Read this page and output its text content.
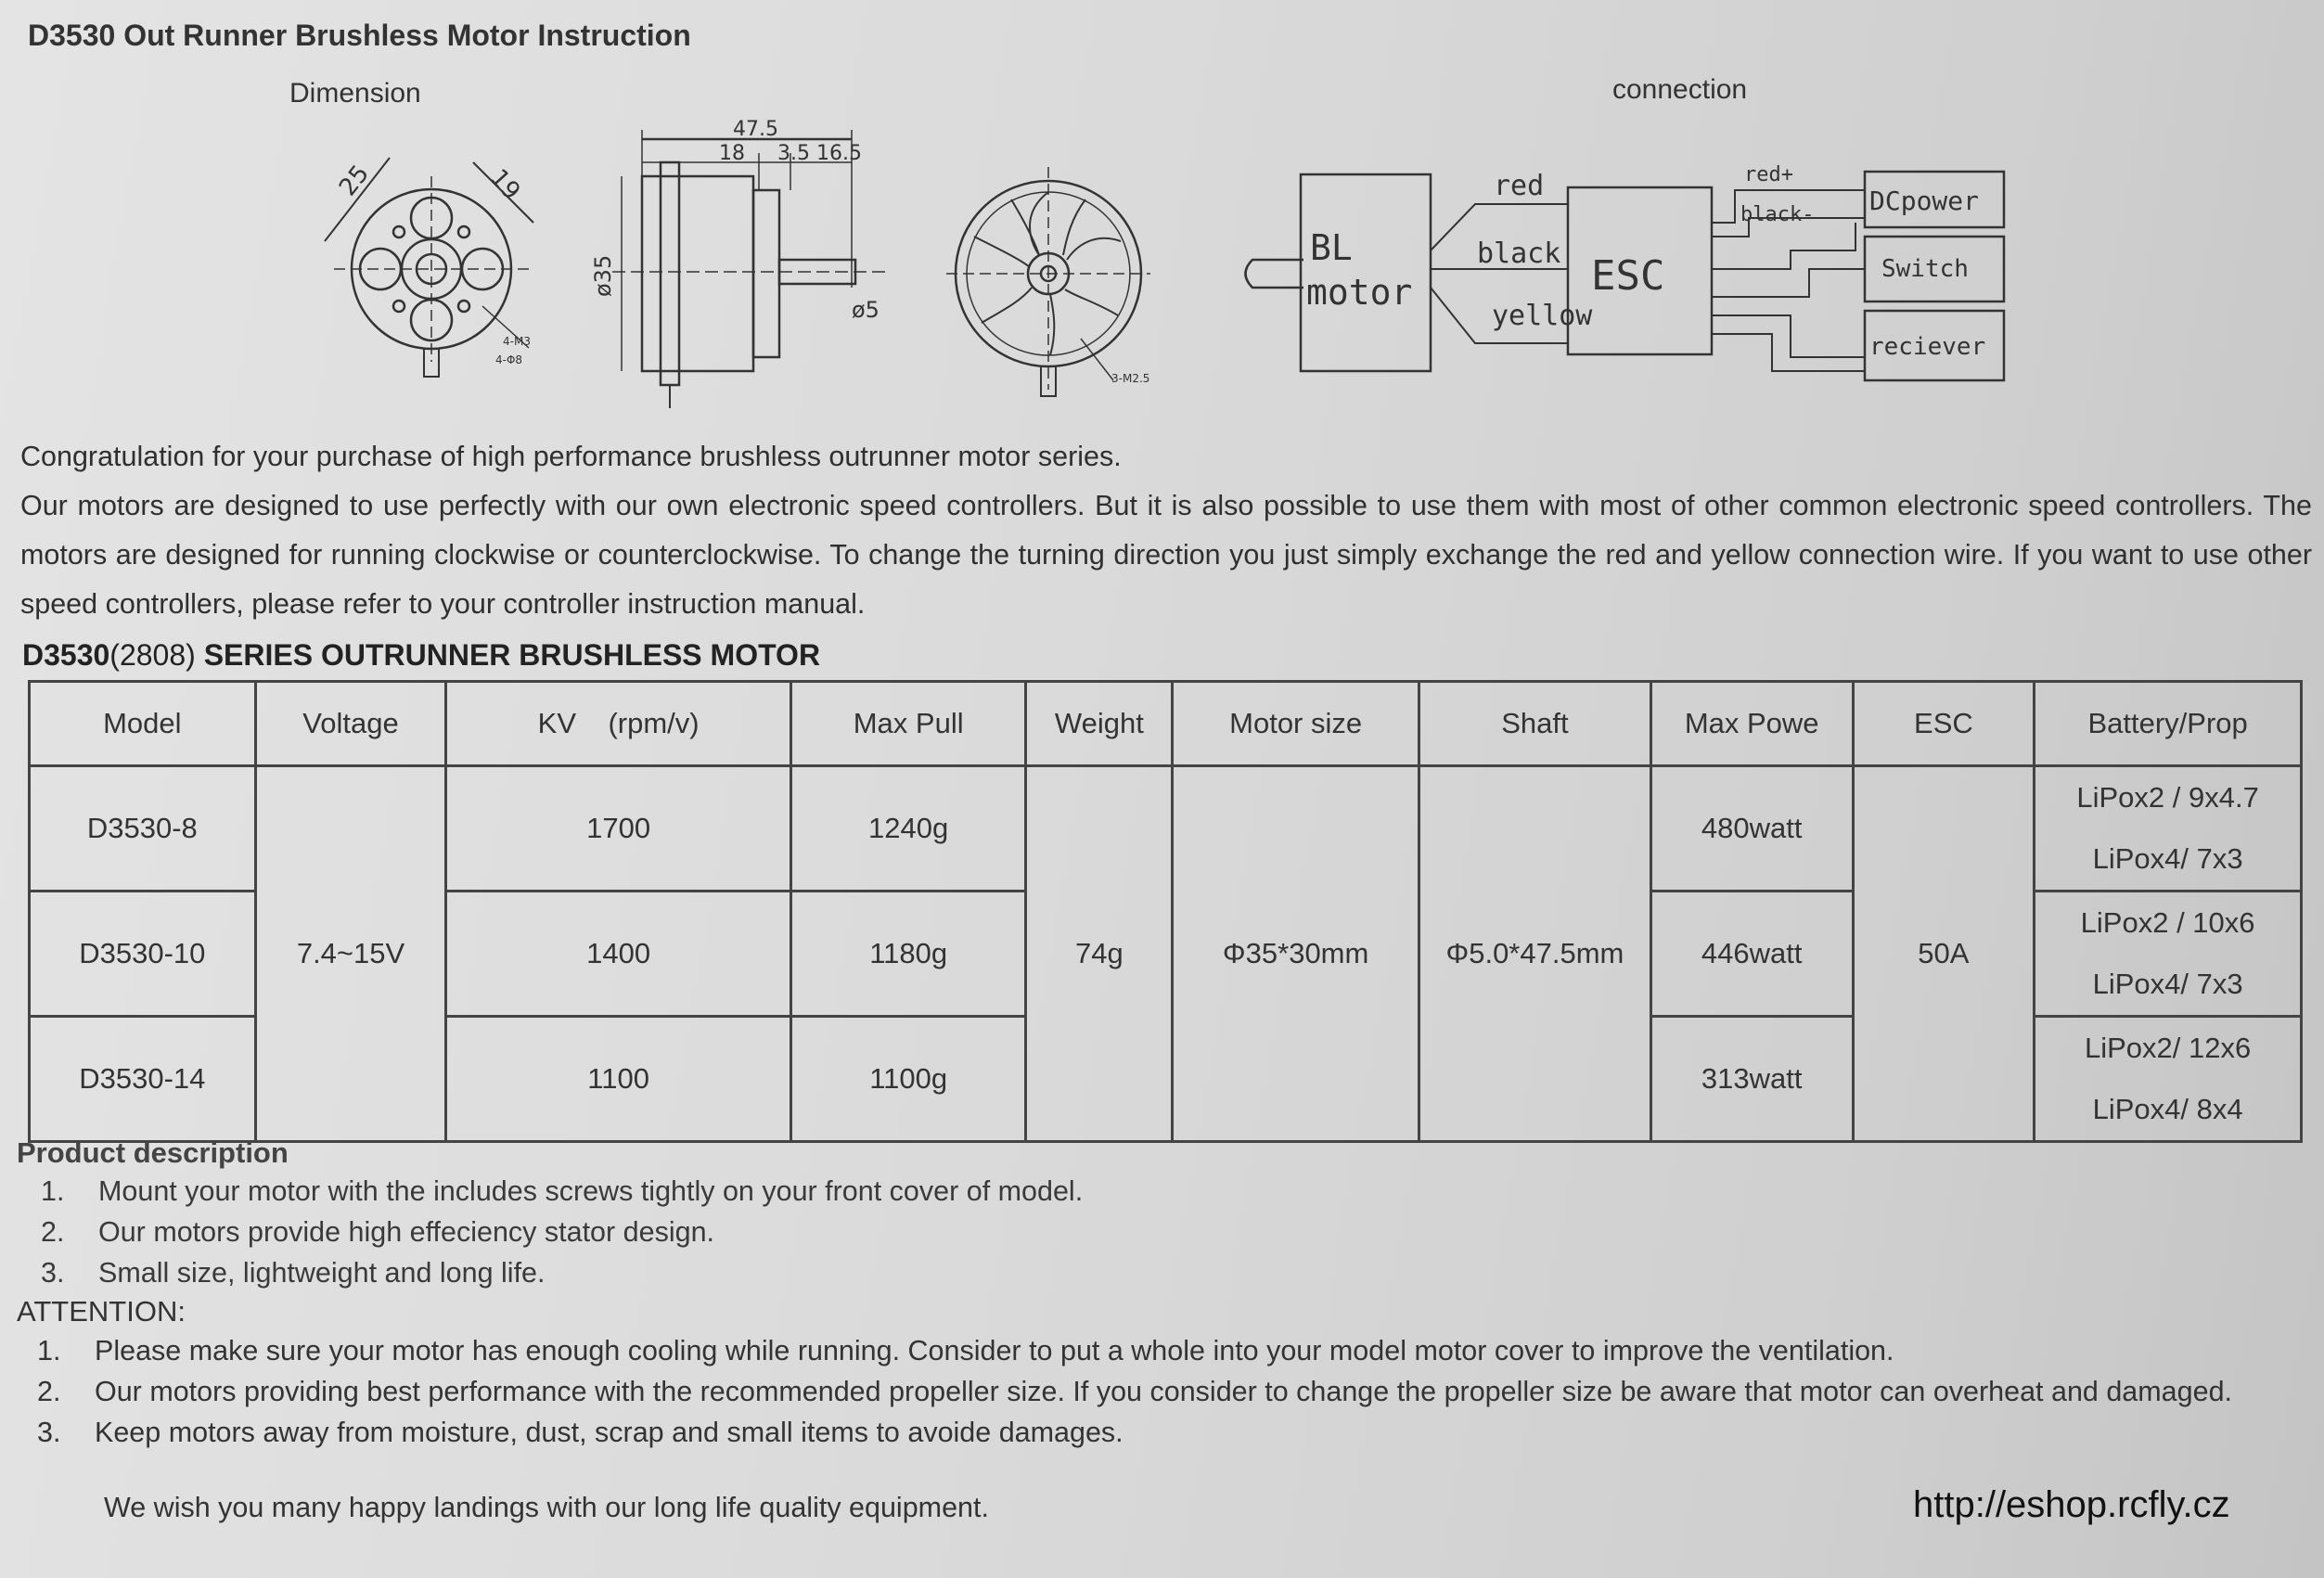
D3530 Out Runner Brushless Motor Instruction
Dimension	connection
25	19
4-M3
4-Φ8
47.5
18 3.5 16.5
ø35
ø5
3-M2.5
BL
motor
red
black
yellow
ESC
red+
black- DCpower
Switch
reciever

Congratulation for your purchase of high performance brushless outrunner motor series.

Our motors are designed to use perfectly with our own electronic speed controllers. But it is also possible to use them with most of other common electronic speed controllers. The motors are designed for running clockwise or counterclockwise. To change the turning direction you just simply exchange the red and yellow connection wire. If you want to use other speed controllers, please refer to your controller instruction manual.

D3530(2808) SERIES OUTRUNNER BRUSHLESS MOTOR
Model	Voltage	KV    (rpm/v)	Max Pull	Weight	Motor size	Shaft	Max Powe	ESC	Battery/Prop
D3530-8	7.4~15V	1700	1240g	74g	Φ35*30mm	Φ5.0*47.5mm	480watt	50A	LiPox2 / 9x4.7
LiPox4/ 7x3

D3530-10		1400	1180g				446watt		LiPox2 / 10x6
LiPox4/ 7x3

D3530-14		1100	1100g				313watt		LiPox2/ 12x6
LiPox4/ 8x4
Product description
1.	Mount your motor with the includes screws tightly on your front cover of model.
2.	Our motors provide high effeciency stator design.
3.	Small size, lightweight and long life.
ATTENTION:
1.	Please make sure your motor has enough cooling while running. Consider to put a whole into your model motor cover to improve the ventilation.
2.	Our motors providing best performance with the recommended propeller size. If you consider to change the propeller size be aware that motor can overheat and damaged.
3.	Keep motors away from moisture, dust, scrap and small items to avoide damages.
We wish you many happy landings with our long life quality equipment.	http://eshop.rcfly.cz
